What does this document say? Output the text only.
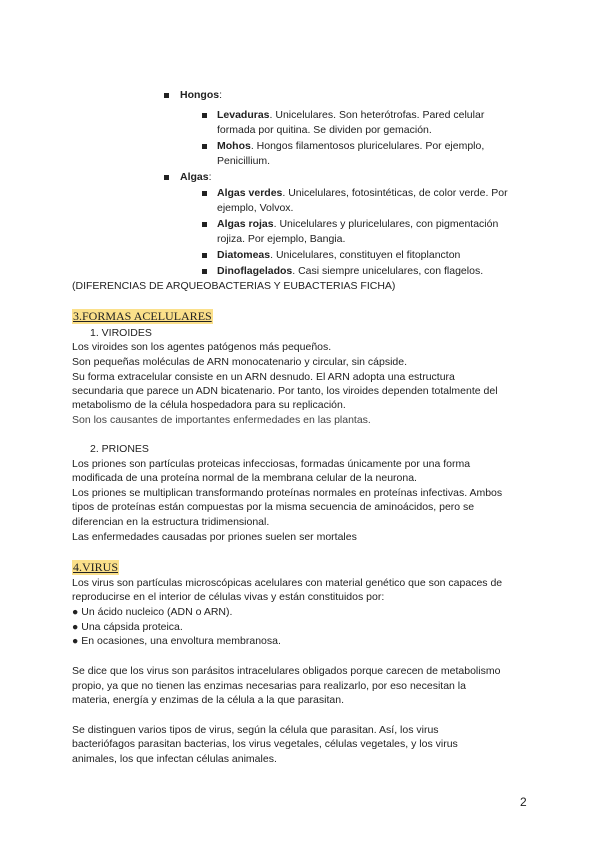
Hongos:
Levaduras. Unicelulares. Son heterótrofas. Pared celular
formada por quitina. Se dividen por gemación.
Mohos. Hongos filamentosos pluricelulares. Por ejemplo,
Penicillium.
Algas:
Algas verdes. Unicelulares, fotosintéticas, de color verde. Por
ejemplo, Volvox.
Algas rojas. Unicelulares y pluricelulares, con pigmentación
rojiza. Por ejemplo, Bangia.
Diatomeas. Unicelulares, constituyen el fitoplancton
Dinoflagelados. Casi siempre unicelulares, con flagelos.
(DIFERENCIAS DE ARQUEOBACTERIAS Y EUBACTERIAS FICHA)
3.FORMAS ACELULARES
1. VIROIDES
Los viroides son los agentes patógenos más pequeños.
Son pequeñas moléculas de ARN monocatenario y circular, sin cápside.
Su forma extracelular consiste en un ARN desnudo. El ARN adopta una estructura
secundaria que parece un ADN bicatenario. Por tanto, los viroides dependen totalmente del
metabolismo de la célula hospedadora para su replicación.
Son los causantes de importantes enfermedades en las plantas.
2. PRIONES
Los priones son partículas proteicas infecciosas, formadas únicamente por una forma
modificada de una proteína normal de la membrana celular de la neurona.
Los priones se multiplican transformando proteínas normales en proteínas infectivas. Ambos
tipos de proteínas están compuestas por la misma secuencia de aminoácidos, pero se
diferencian en la estructura tridimensional.
Las enfermedades causadas por priones suelen ser mortales
4.VIRUS
Los virus son partículas microscópicas acelulares con material genético que son capaces de
reproducirse en el interior de células vivas y están constituidos por:
● Un ácido nucleico (ADN o ARN).
● Una cápsida proteica.
● En ocasiones, una envoltura membranosa.
Se dice que los virus son parásitos intracelulares obligados porque carecen de metabolismo
propio, ya que no tienen las enzimas necesarias para realizarlo, por eso necesitan la
materia, energía y enzimas de la célula a la que parasitan.
Se distinguen varios tipos de virus, según la célula que parasitan. Así, los virus
bacteriófagos parasitan bacterias, los virus vegetales, células vegetales, y los virus
animales, los que infectan células animales.
2
